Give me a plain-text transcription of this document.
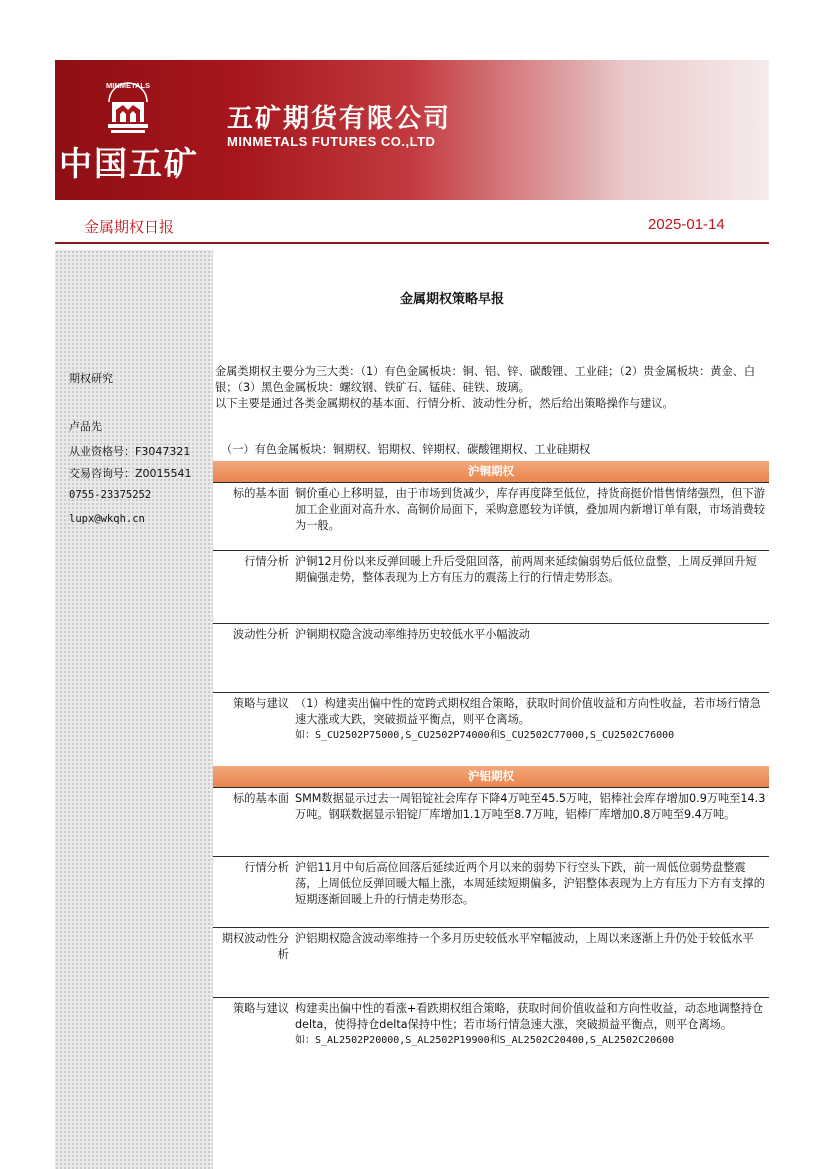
MINMETALS
中国五矿
五矿期货有限公司
MINMETALS FUTURES CO.,LTD
金属期权日报	2025-01-14
期权研究
卢品先
从业资格号：F3047321
交易咨询号：Z0015541
0755-23375252
lupx@wkqh.cn
金属期权策略早报
金属类期权主要分为三大类：（1）有色金属板块：铜、铝、锌、碳酸锂、工业硅；（2）贵金属板块：黄金、白银；（3）黑色金属板块：螺纹钢、铁矿石、锰硅、硅铁、玻璃。
以下主要是通过各类金属期权的基本面、行情分析、波动性分析，然后给出策略操作与建议。
（一）有色金属板块：铜期权、铝期权、锌期权、碳酸锂期权、工业硅期权
沪铜期权
标的基本面 铜价重心上移明显，由于市场到货减少，库存再度降至低位，持货商挺价惜售情绪强烈，但下游加工企业面对高升水、高铜价局面下，采购意愿较为详慎，叠加周内新增订单有限，市场消费较为一般。
行情分析 沪铜12月份以来反弹回暖上升后受阻回落，前两周来延续偏弱势后低位盘整，上周反弹回升短期偏强走势，整体表现为上方有压力的震荡上行的行情走势形态。
波动性分析 沪铜期权隐含波动率维持历史较低水平小幅波动
策略与建议 （1）构建卖出偏中性的宽跨式期权组合策略，获取时间价值收益和方向性收益，若市场行情急速大涨或大跌，突破损益平衡点，则平仓离场。
如：S_CU2502P75000,S_CU2502P74000和S_CU2502C77000,S_CU2502C76000
沪铝期权
标的基本面 SMM数据显示过去一周铝锭社会库存下降4万吨至45.5万吨，铝棒社会库存增加0.9万吨至14.3万吨。钢联数据显示铝锭厂库增加1.1万吨至8.7万吨，铝棒厂库增加0.8万吨至9.4万吨。
行情分析 沪铝11月中旬后高位回落后延续近两个月以来的弱势下行空头下跌，前一周低位弱势盘整震荡，上周低位反弹回暖大幅上涨，本周延续短期偏多，沪铝整体表现为上方有压力下方有支撑的短期逐渐回暖上升的行情走势形态。
期权波动性分析
沪铝期权隐含波动率维持一个多月历史较低水平窄幅波动，上周以来逐渐上升仍处于较低水平
策略与建议 构建卖出偏中性的看涨+看跌期权组合策略，获取时间价值收益和方向性收益，动态地调整持仓delta，使得持仓delta保持中性；若市场行情急速大涨，突破损益平衡点，则平仓离场。
如：S_AL2502P20000,S_AL2502P19900和S_AL2502C20400,S_AL2502C20600
